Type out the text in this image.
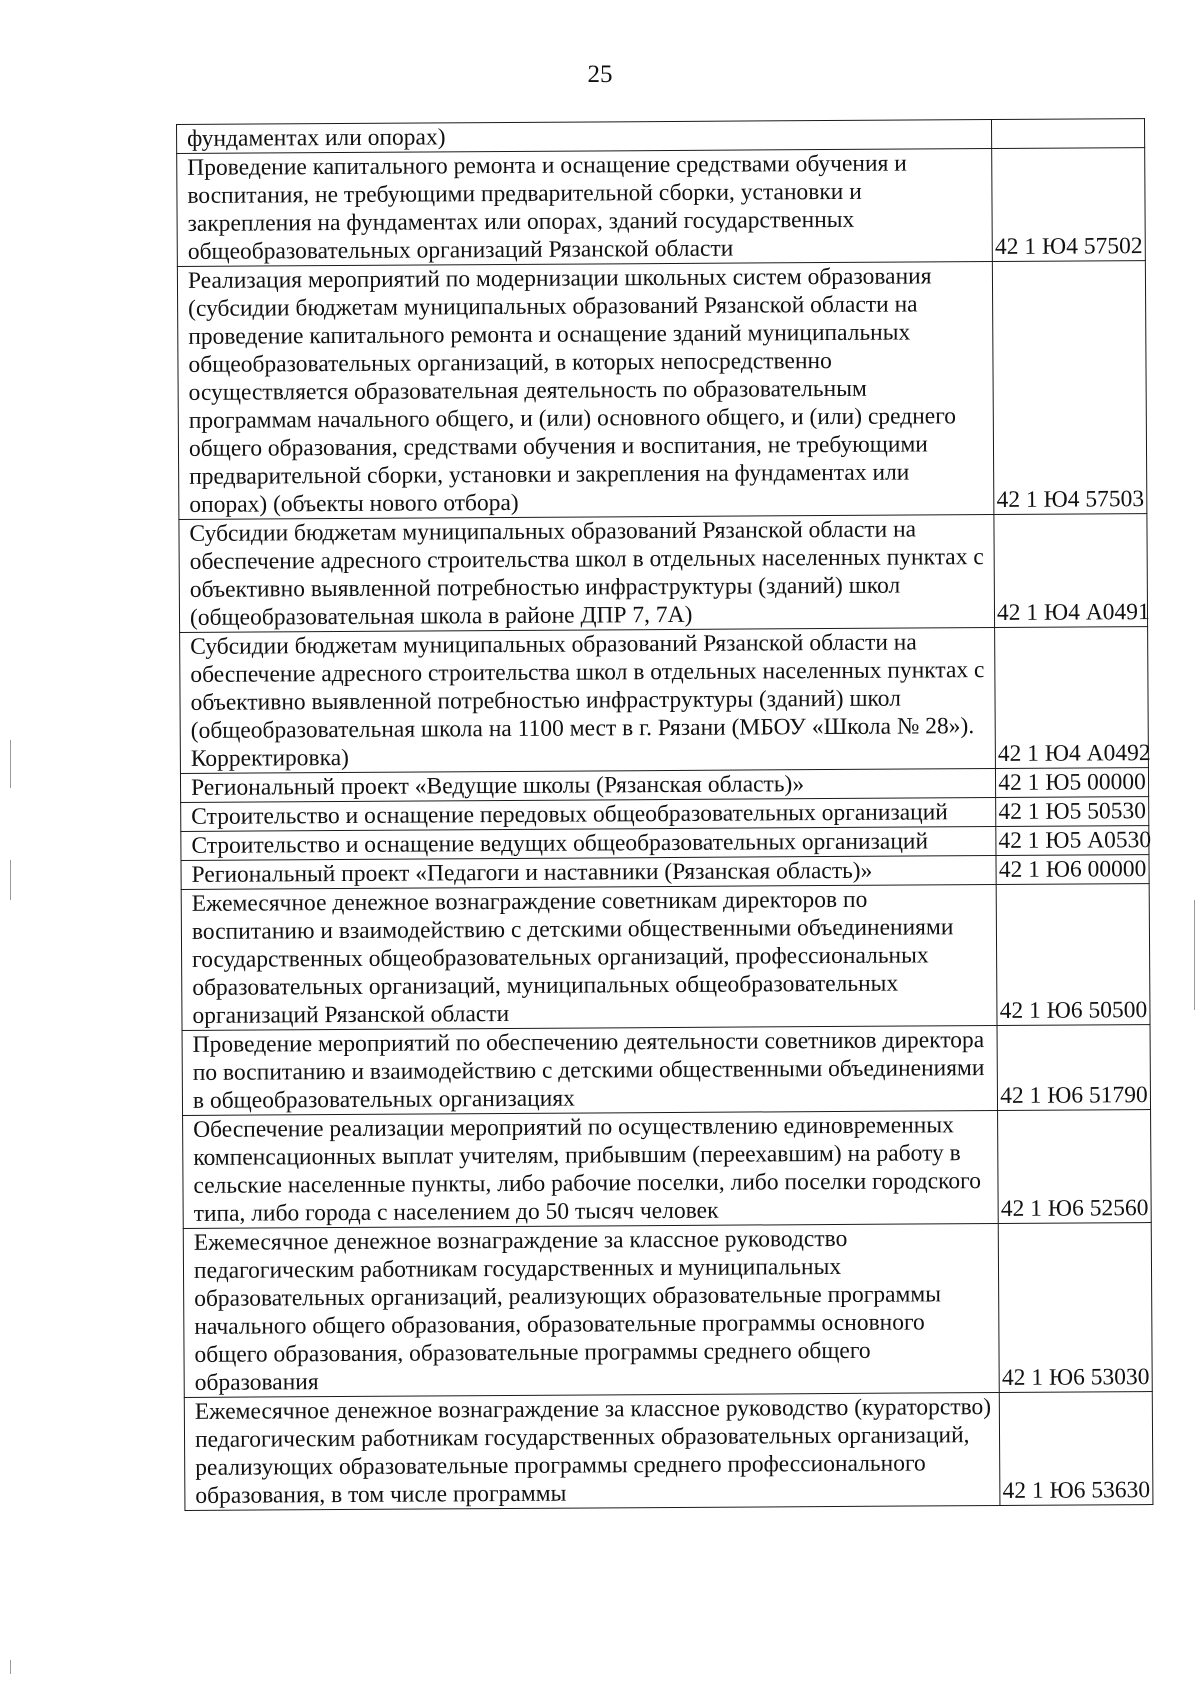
25
фундаментах или опорах)	
Проведение капитального ремонта и оснащение средствами обучения и воспитания, не требующими предварительной сборки, установки и закрепления на фундаментах или опорах, зданий государственных общеобразовательных организаций Рязанской области	42 1 Ю4 57502
Реализация мероприятий по модернизации школьных систем образования (субсидии бюджетам муниципальных образований Рязанской области на проведение капитального ремонта и оснащение зданий муниципальных общеобразовательных организаций, в которых непосредственно осуществляется образовательная деятельность по образовательным программам начального общего, и (или) основного общего, и (или) среднего общего образования, средствами обучения и воспитания, не требующими предварительной сборки, установки и закрепления на фундаментах или опорах) (объекты нового отбора)	42 1 Ю4 57503
Субсидии бюджетам муниципальных образований Рязанской области на обеспечение адресного строительства школ в отдельных населенных пунктах с объективно выявленной потребностью инфраструктуры (зданий) школ (общеобразовательная школа в районе ДПР 7, 7А)	42 1 Ю4 А0491
Субсидии бюджетам муниципальных образований Рязанской области на обеспечение адресного строительства школ в отдельных населенных пунктах с объективно выявленной потребностью инфраструктуры (зданий) школ (общеобразовательная школа на 1100 мест в г. Рязани (МБОУ «Школа № 28»). Корректировка)	42 1 Ю4 А0492
Региональный проект «Ведущие школы (Рязанская область)»	42 1 Ю5 00000
Строительство и оснащение передовых общеобразовательных организаций	42 1 Ю5 50530
Строительство и оснащение ведущих общеобразовательных организаций	42 1 Ю5 А0530
Региональный проект «Педагоги и наставники (Рязанская область)»	42 1 Ю6 00000
Ежемесячное денежное вознаграждение советникам директоров по воспитанию и взаимодействию с детскими общественными объединениями государственных общеобразовательных организаций, профессиональных образовательных организаций, муниципальных общеобразовательных организаций Рязанской области	42 1 Ю6 50500
Проведение мероприятий по обеспечению деятельности советников директора по воспитанию и взаимодействию с детскими общественными объединениями в общеобразовательных организациях	42 1 Ю6 51790
Обеспечение реализации мероприятий по осуществлению единовременных компенсационных выплат учителям, прибывшим (переехавшим) на работу в сельские населенные пункты, либо рабочие поселки, либо поселки городского типа, либо города с населением до 50 тысяч человек	42 1 Ю6 52560
Ежемесячное денежное вознаграждение за классное руководство педагогическим работникам государственных и муниципальных образовательных организаций, реализующих образовательные программы начального общего образования, образовательные программы основного общего образования, образовательные программы среднего общего образования	42 1 Ю6 53030
Ежемесячное денежное вознаграждение за классное руководство (кураторство) педагогическим работникам государственных образовательных организаций, реализующих образовательные программы среднего профессионального образования, в том числе программы	42 1 Ю6 53630
